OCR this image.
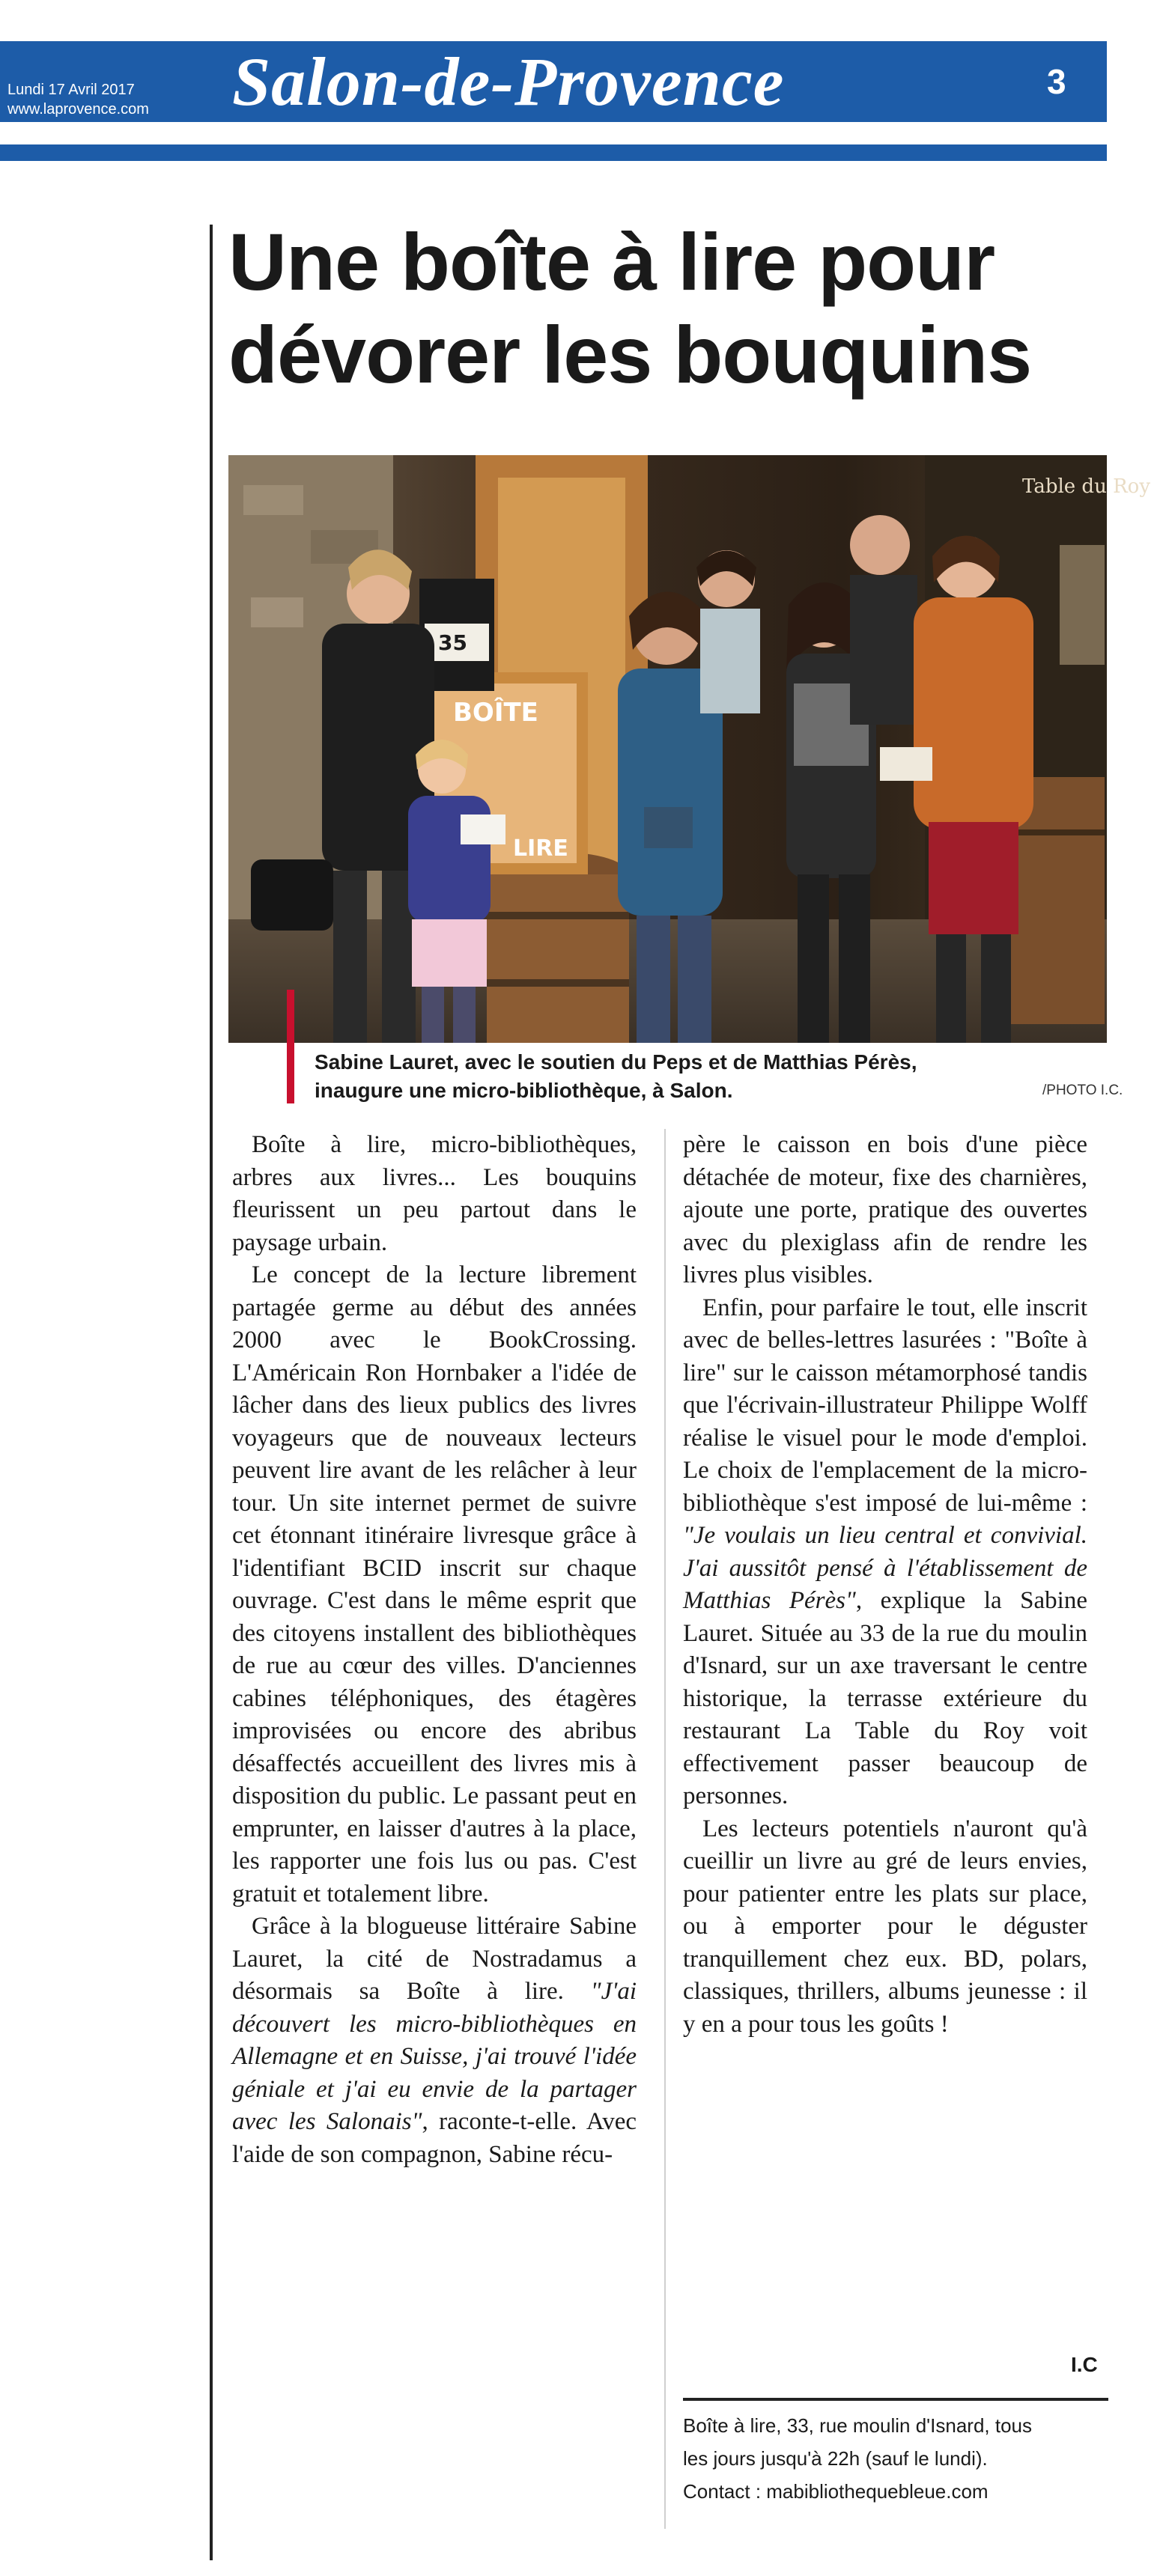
Lundi 17 Avril 2017
www.laprovence.com Salon-de-Provence	3
Une boîte à lire pour
dévorer les bouquins
BOÎTE
LIRE
35
Table du Roy
Sabine Lauret, avec le soutien du Peps et de Matthias Pérès,
inaugure une micro-bibliothèque, à Salon.	/PHOTO I.C.

Boîte à lire, micro-bibliothèques, arbres aux livres... Les bouquins fleurissent un peu partout dans le paysage urbain.

Le concept de la lecture librement partagée germe au début des années 2000 avec le BookCrossing. L'Américain Ron Hornbaker a l'idée de lâcher dans des lieux publics des livres voyageurs que de nouveaux lecteurs peuvent lire avant de les relâcher à leur tour. Un site internet permet de suivre cet étonnant itinéraire livresque grâce à l'identifiant BCID inscrit sur chaque ouvrage. C'est dans le même esprit que des citoyens installent des bibliothèques de rue au cœur des villes. D'anciennes cabines téléphoniques, des étagères improvisées ou encore des abribus désaffectés accueillent des livres mis à disposition du public. Le passant peut en emprunter, en laisser d'autres à la place, les rapporter une fois lus ou pas. C'est gratuit et totalement libre.

Grâce à la blogueuse littéraire Sabine Lauret, la cité de Nostradamus a désormais sa Boîte à lire. "J'ai découvert les micro-bibliothèques en Allemagne et en Suisse, j'ai trouvé l'idée géniale et j'ai eu envie de la partager avec les Salonais", raconte-t-elle. Avec l'aide de son compagnon, Sabine récu-

père le caisson en bois d'une pièce détachée de moteur, fixe des charnières, ajoute une porte, pratique des ouvertes avec du plexiglass afin de rendre les livres plus visibles.

Enfin, pour parfaire le tout, elle inscrit avec de belles-lettres lasurées : "Boîte à lire" sur le caisson métamorphosé tandis que l'écrivain-illustrateur Philippe Wolff réalise le visuel pour le mode d'emploi. Le choix de l'emplacement de la micro-bibliothèque s'est imposé de lui-même : "Je voulais un lieu central et convivial. J'ai aussitôt pensé à l'établissement de Matthias Pérès", explique la Sabine Lauret. Située au 33 de la rue du moulin d'Isnard, sur un axe traversant le centre historique, la terrasse extérieure du restaurant La Table du Roy voit effectivement passer beaucoup de personnes.

Les lecteurs potentiels n'auront qu'à cueillir un livre au gré de leurs envies, pour patienter entre les plats sur place, ou à emporter pour le déguster tranquillement chez eux. BD, polars, classiques, thrillers, albums jeunesse : il y en a pour tous les goûts !

I.C
Boîte à lire, 33, rue moulin d'Isnard, tous
les jours jusqu'à 22h (sauf le lundi).
Contact : mabibliothequebleue.com
